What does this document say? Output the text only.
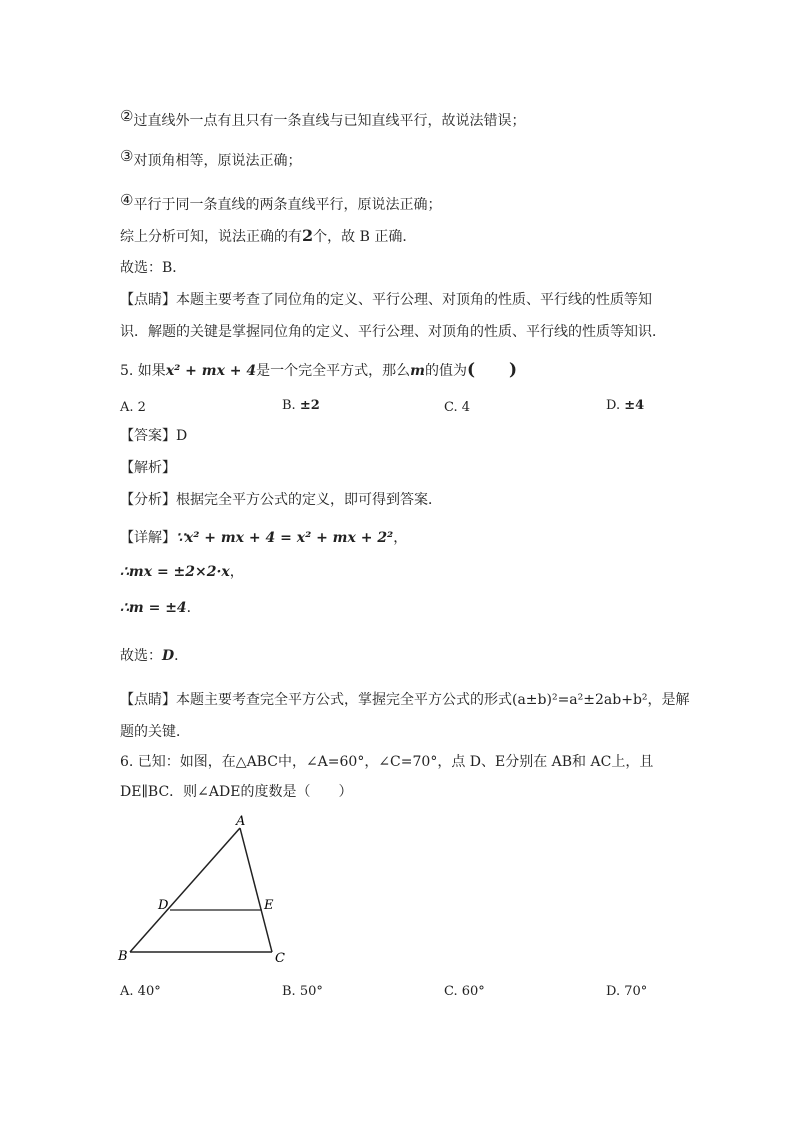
②过直线外一点有且只有一条直线与已知直线平行，故说法错误；
③对顶角相等，原说法正确；
④平行于同一条直线的两条直线平行，原说法正确；
综上分析可知，说法正确的有2个，故 B 正确．
故选：B．
【点睛】本题主要考查了同位角的定义、平行公理、对顶角的性质、平行线的性质等知
识．解题的关键是掌握同位角的定义、平行公理、对顶角的性质、平行线的性质等知识．
5. 如果x² + mx + 4是一个完全平方式，那么m的值为(　　)
A. 2	B. ±2	C. 4	D. ±4
【答案】D
【解析】
【分析】根据完全平方公式的定义，即可得到答案．
【详解】∵x² + mx + 4 = x² + mx + 2²，
∴mx = ±2×2·x，
∴m = ±4．
故选：D．
【点睛】本题主要考查完全平方公式，掌握完全平方公式的形式(a±b)²=a²±2ab+b²，是解
题的关键．
6. 已知：如图，在△ABC中，∠A=60°，∠C=70°，点 D、E分别在 AB和 AC上，且
DE∥BC．则∠ADE的度数是（　　）
A
B	C
D	E
A. 40°	B. 50°	C. 60°	D. 70°
